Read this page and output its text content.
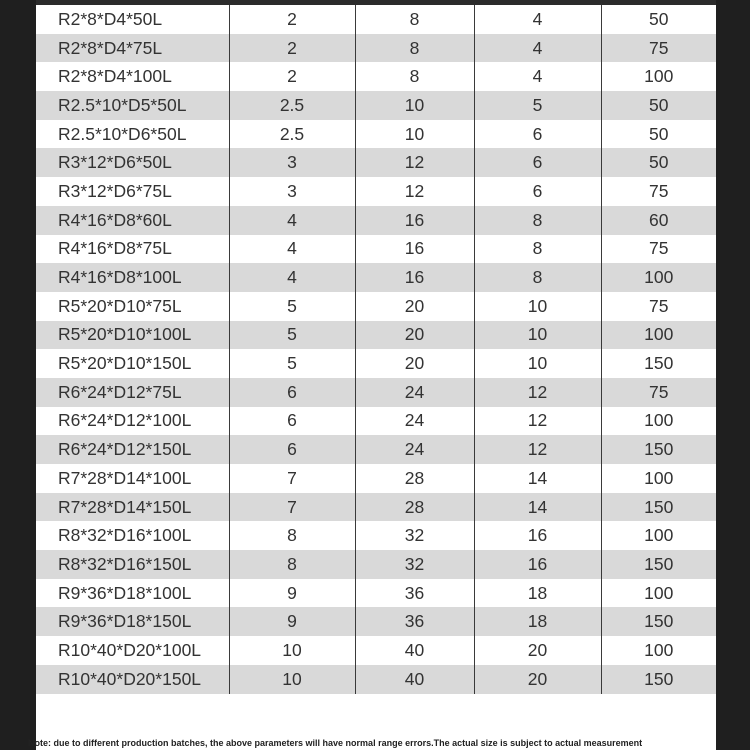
R2*8*D4*50L	2	8	4	50
R2*8*D4*75L	2	8	4	75
R2*8*D4*100L	2	8	4	100
R2.5*10*D5*50L	2.5	10	5	50
R2.5*10*D6*50L	2.5	10	6	50
R3*12*D6*50L	3	12	6	50
R3*12*D6*75L	3	12	6	75
R4*16*D8*60L	4	16	8	60
R4*16*D8*75L	4	16	8	75
R4*16*D8*100L	4	16	8	100
R5*20*D10*75L	5	20	10	75
R5*20*D10*100L	5	20	10	100
R5*20*D10*150L	5	20	10	150
R6*24*D12*75L	6	24	12	75
R6*24*D12*100L	6	24	12	100
R6*24*D12*150L	6	24	12	150
R7*28*D14*100L	7	28	14	100
R7*28*D14*150L	7	28	14	150
R8*32*D16*100L	8	32	16	100
R8*32*D16*150L	8	32	16	150
R9*36*D18*100L	9	36	18	100
R9*36*D18*150L	9	36	18	150
R10*40*D20*100L	10	40	20	100
R10*40*D20*150L	10	40	20	150
Note: due to different production batches, the above parameters will have normal range errors.The actual size is subject to actual measurement
